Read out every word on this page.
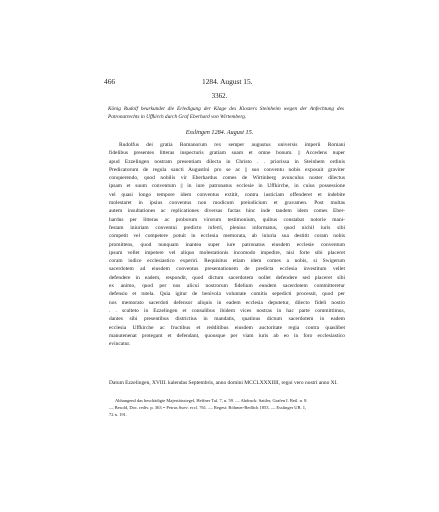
466	1284. August 15.
3362.
König Rudolf beurkundet die Erledigung der Klage des Klosters Steinheim wegen der Anfechtung des Patronatrechts in Uffkirch durch Graf Eberhard von Wirtemberg.
Esslingen 1284. August 15.
Rudolfus dei gratia Romanorum rex semper augustus universis imperii Romani
fidelibus presentes litteras inspecturis gratiam suam et omne bonum. || Accedens nuper
apud Ezzelingen nostram presentiam dilecta in Christo . . priorissa in Steinhem ordinis
Predicatorum de regula sancti Augustini pro se ac || suo conventu nobis exposuit graviter
conquerendo, quod nobilis vir Eberhardus comes de Wirtinberg avunculus noster dilectus
ipsam et suum conventum || in iure patronatus ecclesie in Uffkirche, in cuius possessione
vel quasi longo tempore idem conventus extitit, contra iusticiam offenderet et indebite
molestaret in ipsius conventus non modicum preiudicium et gravamen. Post multas
autem insultationes ac replicationes diversas factas hinc inde tandem idem comes Eber-
hardus per litteras ac proborum virorum testimonium, quibus constabat notorie mani-
festam iniuriam conventui predicto inferri, plenius informatus, quod nichil iuris sibi
competit vel competere potuit in ecclesia memorata, ab iniuria sua destitit coram nobis
promittens, quod nunquam inantea super iure patronatus eiusdem ecclesie conventum
ipsum vellet impetere vel aliquo molestationis incomodo impedire, nisi forte sibi placeret
coram iudice ecclesiastico experiri. Requisitus etiam idem comes a nobis, si Swigerum
sacerdotem ad eiusdem conventus presentationem de predicta ecclesia investitum vellet
defendere in eadem, respondit, quod dictum sacerdotem nollet defendere sed placeret sibi
ex animo, quod per nos alicui nostrorum fidelium eundem sacerdotem committeretur
defensio et tutela. Quia igitur de benivola voluntate comitis sepedicti processit, quod per
nos memorato sacerdoti defensor aliquis in eadem ecclesia deputetur, dilecto fideli nostro
. . sculteto in Ezzelingen et consulibus ibidem vices nostras in hac parte committimus,
dantes sibi presentibus districtius in mandatis, quatinus dictum sacerdotem in eadem
ecclesia Uffkirche ac fructibus et redditibus eiusdem auctoritate regia contra quaslibet
manutenenat protegant et defendant, quousque per viam iuris ab eo in foro ecclesiastico
evincatur.
Datum Ezzelingen, XVIII. kalendas Septembris, anno domini MCCLXXXIIII, regni vero nostri anno XI.
Abhangend das beschädigte Majestätssiegel, Heffner Taf. 7, n. 59. — Abdruck: Sattler, Grafen I. Beil. n. 8.
— Besold, Doc. rediv. p. 363 = Petrus Suev. eccl. 761. — Regest: Böhmer-Redlich 1853. — Esslinger UB. 1,
72 n. 191.
